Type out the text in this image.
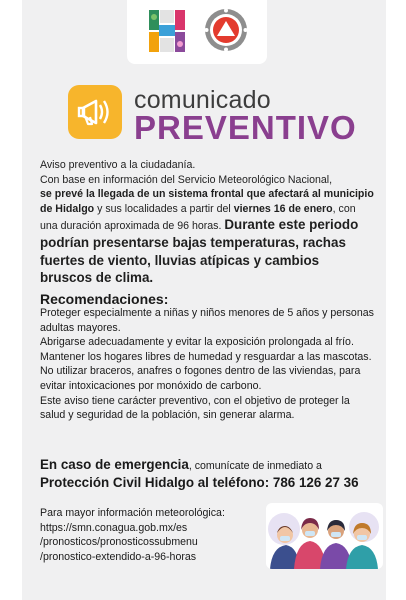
comunicado
PREVENTIVO

Aviso preventivo a la ciudadanía.

Con base en información del Servicio Meteorológico Nacional,

se prevé la llegada de un sistema frontal que afectará al municipio de Hidalgo y sus localidades a partir del viernes 16 de enero, con una duración aproximada de 96 horas. Durante este periodo podrían presentarse bajas temperaturas, rachas fuertes de viento, lluvias atípicas y cambios bruscos de clima.

Recomendaciones:

Proteger especialmente a niñas y niños menores de 5 años y personas adultas mayores.

Abrigarse adecuadamente y evitar la exposición prolongada al frío.

Mantener los hogares libres de humedad y resguardar a las mascotas.

No utilizar braceros, anafres o fogones dentro de las viviendas, para evitar intoxicaciones por monóxido de carbono.

Este aviso tiene carácter preventivo, con el objetivo de proteger la salud y seguridad de la población, sin generar alarma.

En caso de emergencia, comunícate de inmediato a
Protección Civil Hidalgo al teléfono: 786 126 27 36

Para mayor información meteorológica:

https://smn.conagua.gob.mx/es

/pronosticos/pronosticossubmenu

/pronostico-extendido-a-96-horas
